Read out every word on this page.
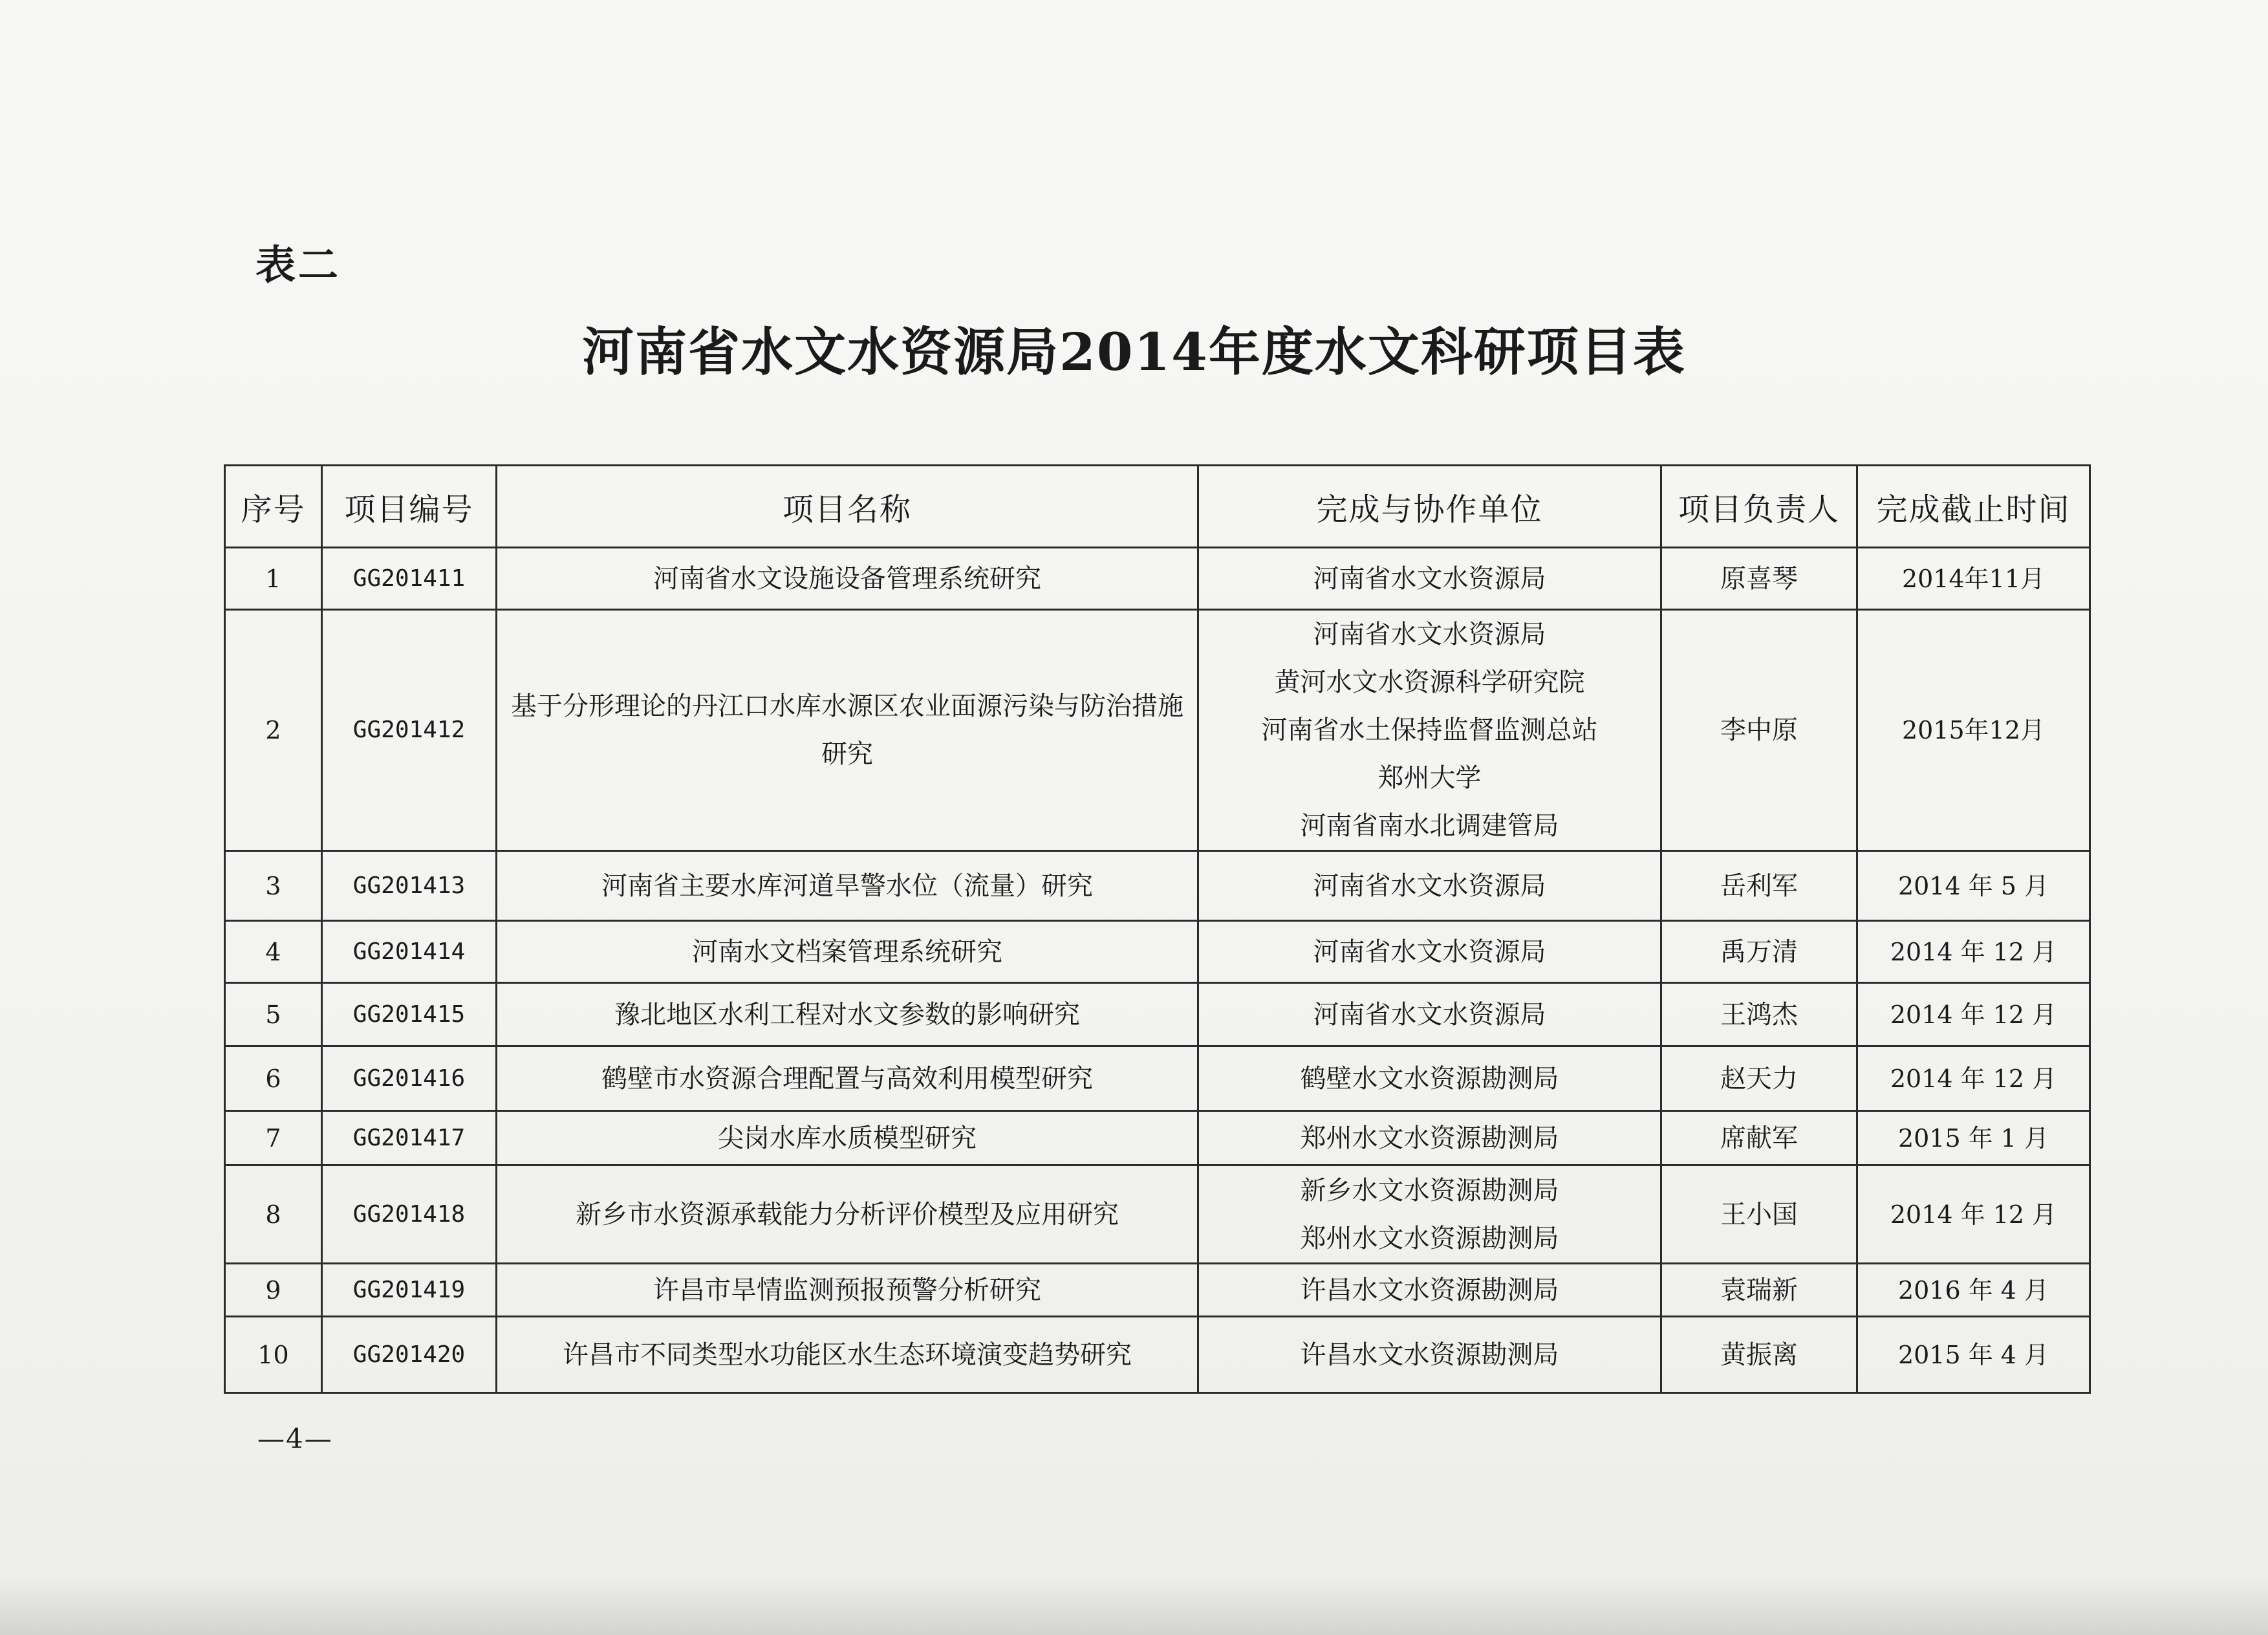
表二
河南省水文水资源局2014年度水文科研项目表
序号	项目编号	项目名称	完成与协作单位	项目负责人	完成截止时间
1	GG201411	河南省水文设施设备管理系统研究	河南省水文水资源局	原喜琴	2014年11月
2	GG201412	基于分形理论的丹江口水库水源区农业面源污染与防治措施研究	河南省水文水资源局
黄河水文水资源科学研究院
河南省水土保持监督监测总站
郑州大学
河南省南水北调建管局	李中原	2015年12月
3	GG201413	河南省主要水库河道旱警水位（流量）研究	河南省水文水资源局	岳利军	2014 年 5 月
4	GG201414	河南水文档案管理系统研究	河南省水文水资源局	禹万清	2014 年 12 月
5	GG201415	豫北地区水利工程对水文参数的影响研究	河南省水文水资源局	王鸿杰	2014 年 12 月
6	GG201416	鹤壁市水资源合理配置与高效利用模型研究	鹤壁水文水资源勘测局	赵天力	2014 年 12 月
7	GG201417	尖岗水库水质模型研究	郑州水文水资源勘测局	席献军	2015 年 1 月
8	GG201418	新乡市水资源承载能力分析评价模型及应用研究	新乡水文水资源勘测局
郑州水文水资源勘测局	王小国	2014 年 12 月
9	GG201419	许昌市旱情监测预报预警分析研究	许昌水文水资源勘测局	袁瑞新	2016 年 4 月
10	GG201420	许昌市不同类型水功能区水生态环境演变趋势研究	许昌水文水资源勘测局	黄振离	2015 年 4 月
—4—
